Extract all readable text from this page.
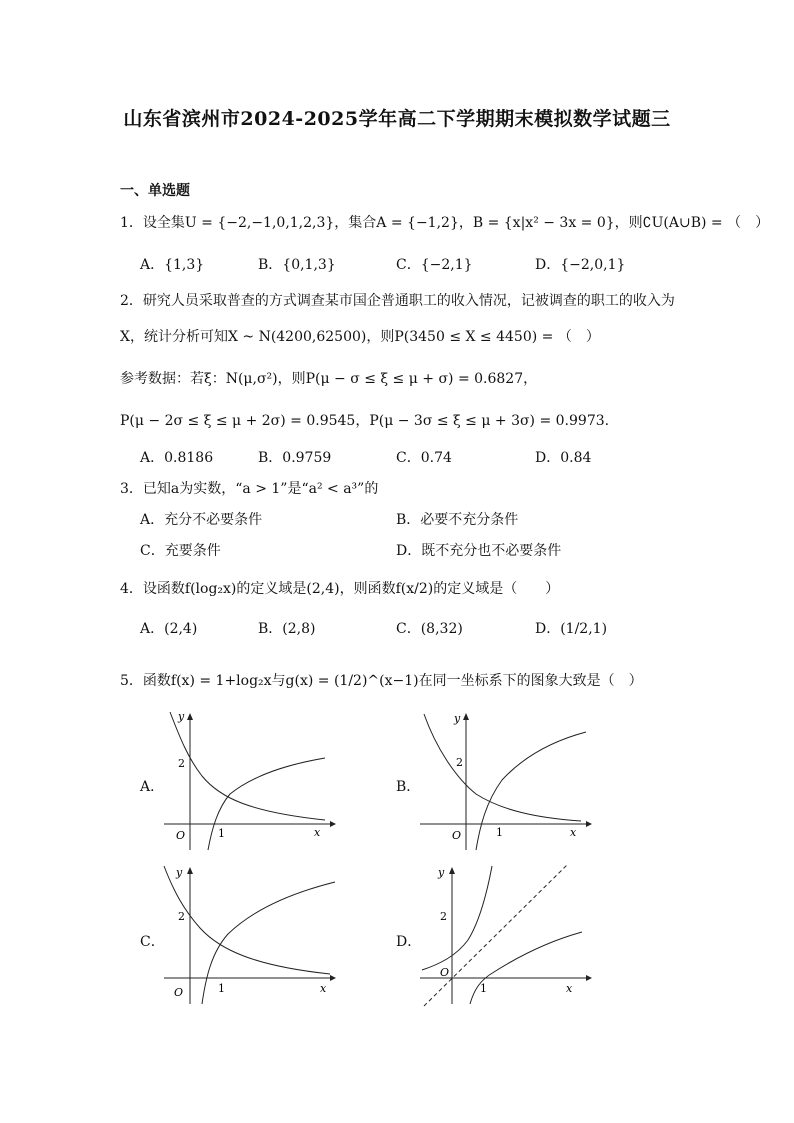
山东省滨州市2024-2025学年高二下学期期末模拟数学试题三
一、单选题
1．设全集U = {−2,−1,0,1,2,3}，集合A = {−1,2}，B = {x|x² − 3x = 0}，则∁U(A∪B) = （　）
A．{1,3}	B．{0,1,3}	C．{−2,1}	D．{−2,0,1}
2．研究人员采取普查的方式调查某市国企普通职工的收入情况，记被调查的职工的收入为
X，统计分析可知X ~ N(4200,62500)，则P(3450 ≤ X ≤ 4450) = （　）
参考数据：若ξ：N(μ,σ²)，则P(μ − σ ≤ ξ ≤ μ + σ) = 0.6827，
P(μ − 2σ ≤ ξ ≤ μ + 2σ) = 0.9545，P(μ − 3σ ≤ ξ ≤ μ + 3σ) = 0.9973.
A．0.8186	B．0.9759	C．0.74	D．0.84
3．已知a为实数，“a > 1”是“a² < a³”的
A．充分不必要条件	B．必要不充分条件
C．充要条件	D．既不充分也不必要条件
4．设函数f(log₂x)的定义域是(2,4)，则函数f(x/2)的定义域是（　　）
A．(2,4)	B．(2,8)	C．(8,32)	D．(1/2,1)
5．函数f(x) = 1+log₂x与g(x) = (1/2)^(x−1)在同一坐标系下的图象大致是（　）
A．	B．
C．	D．
y
x
O
2
1
y
x
O
2
1
y
x
O
2
1
y
x
O
2
1
